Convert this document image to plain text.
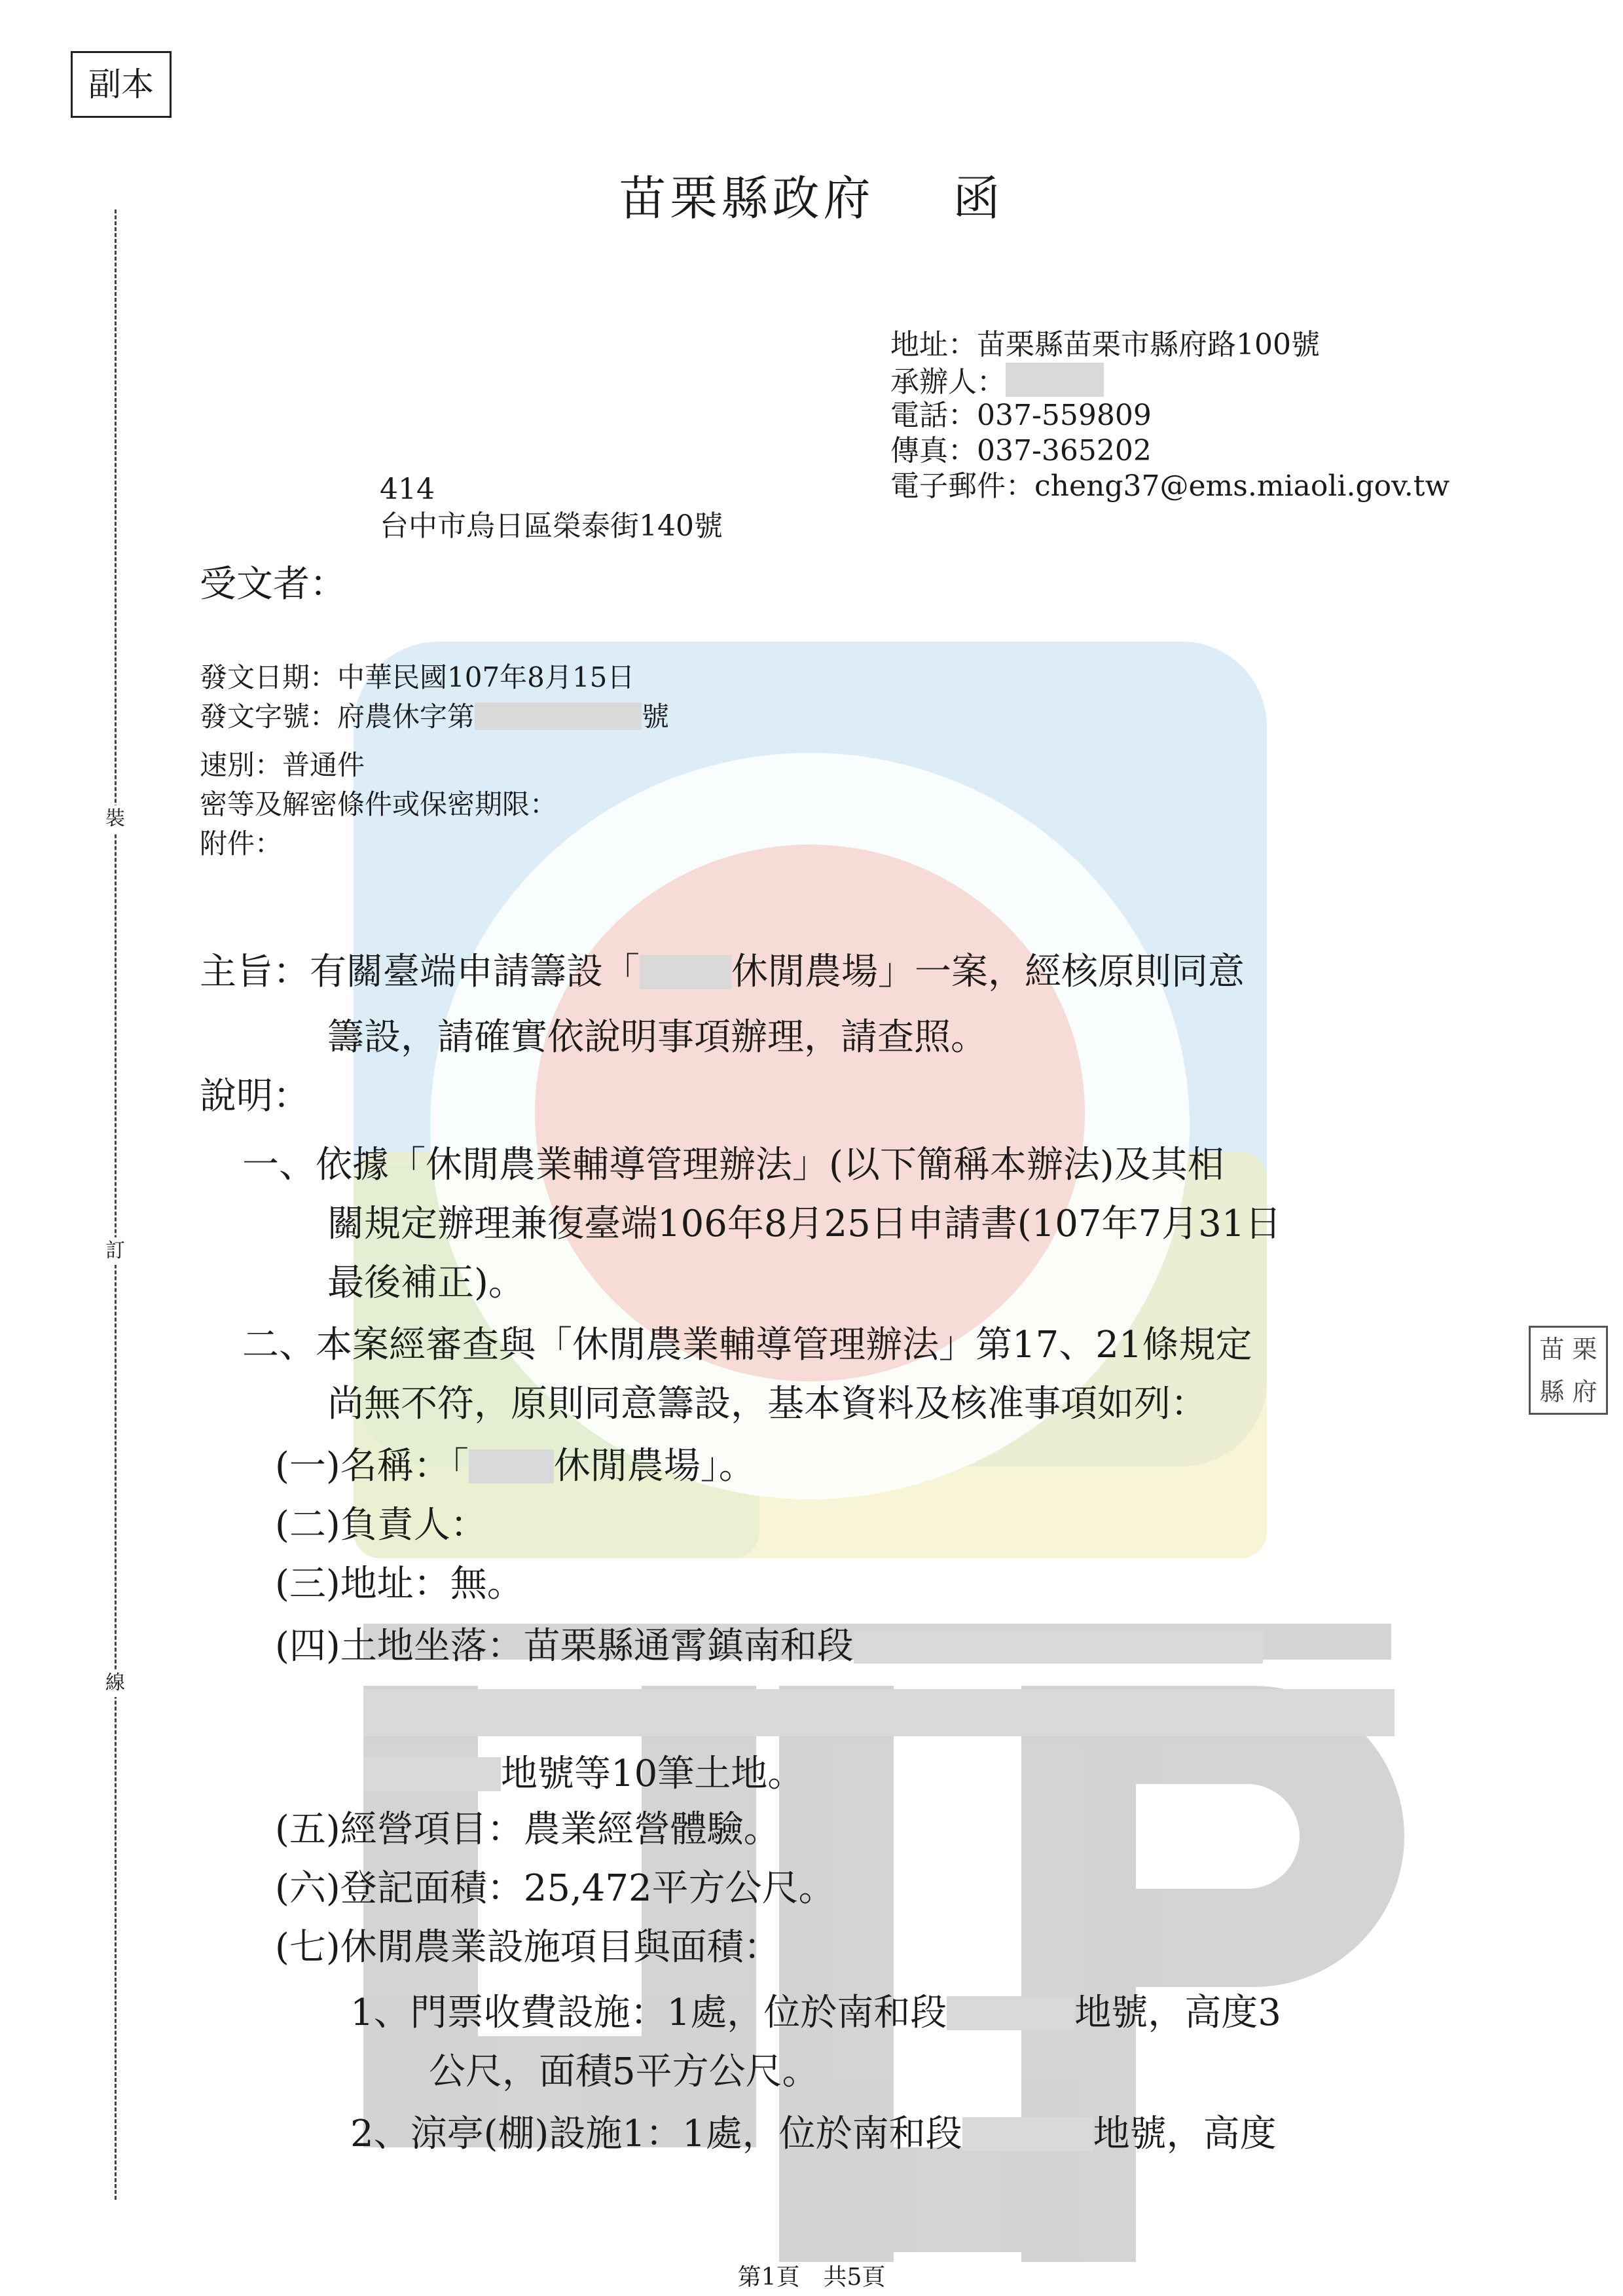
副本
苗栗縣政府 函
地址：苗栗縣苗栗市縣府路100號
承辦人：
電話：037-559809
傳真：037-365202
電子郵件：cheng37@ems.miaoli.gov.tw
414
台中市烏日區榮泰街140號
受文者：
發文日期：中華民國107年8月15日
發文字號：府農休字第	號
速別：普通件
密等及解密條件或保密期限：
附件：
主旨：有關臺端申請籌設「	休閒農場」一案，經核原則同意
籌設，請確實依說明事項辦理，請查照。
說明：
一、依據「休閒農業輔導管理辦法」(以下簡稱本辦法)及其相
關規定辦理兼復臺端106年8月25日申請書(107年7月31日
最後補正)。
二、本案經審查與「休閒農業輔導管理辦法」第17、21條規定
尚無不符，原則同意籌設，基本資料及核准事項如列：
(一)名稱：「 休閒農場」。
(二)負責人：
(三)地址：無。
(四)土地坐落：苗栗縣通霄鎮南和段
地號等10筆土地。
(五)經營項目：農業經營體驗。
(六)登記面積：25,472平方公尺。
(七)休閒農業設施項目與面積：
1、門票收費設施：1處，位於南和段	地號，高度3
公尺，面積5平方公尺。
2、涼亭(棚)設施1：1處，位於南和段	地號，高度
裝
訂
線
苗 栗
縣 府
第1頁 共5頁
